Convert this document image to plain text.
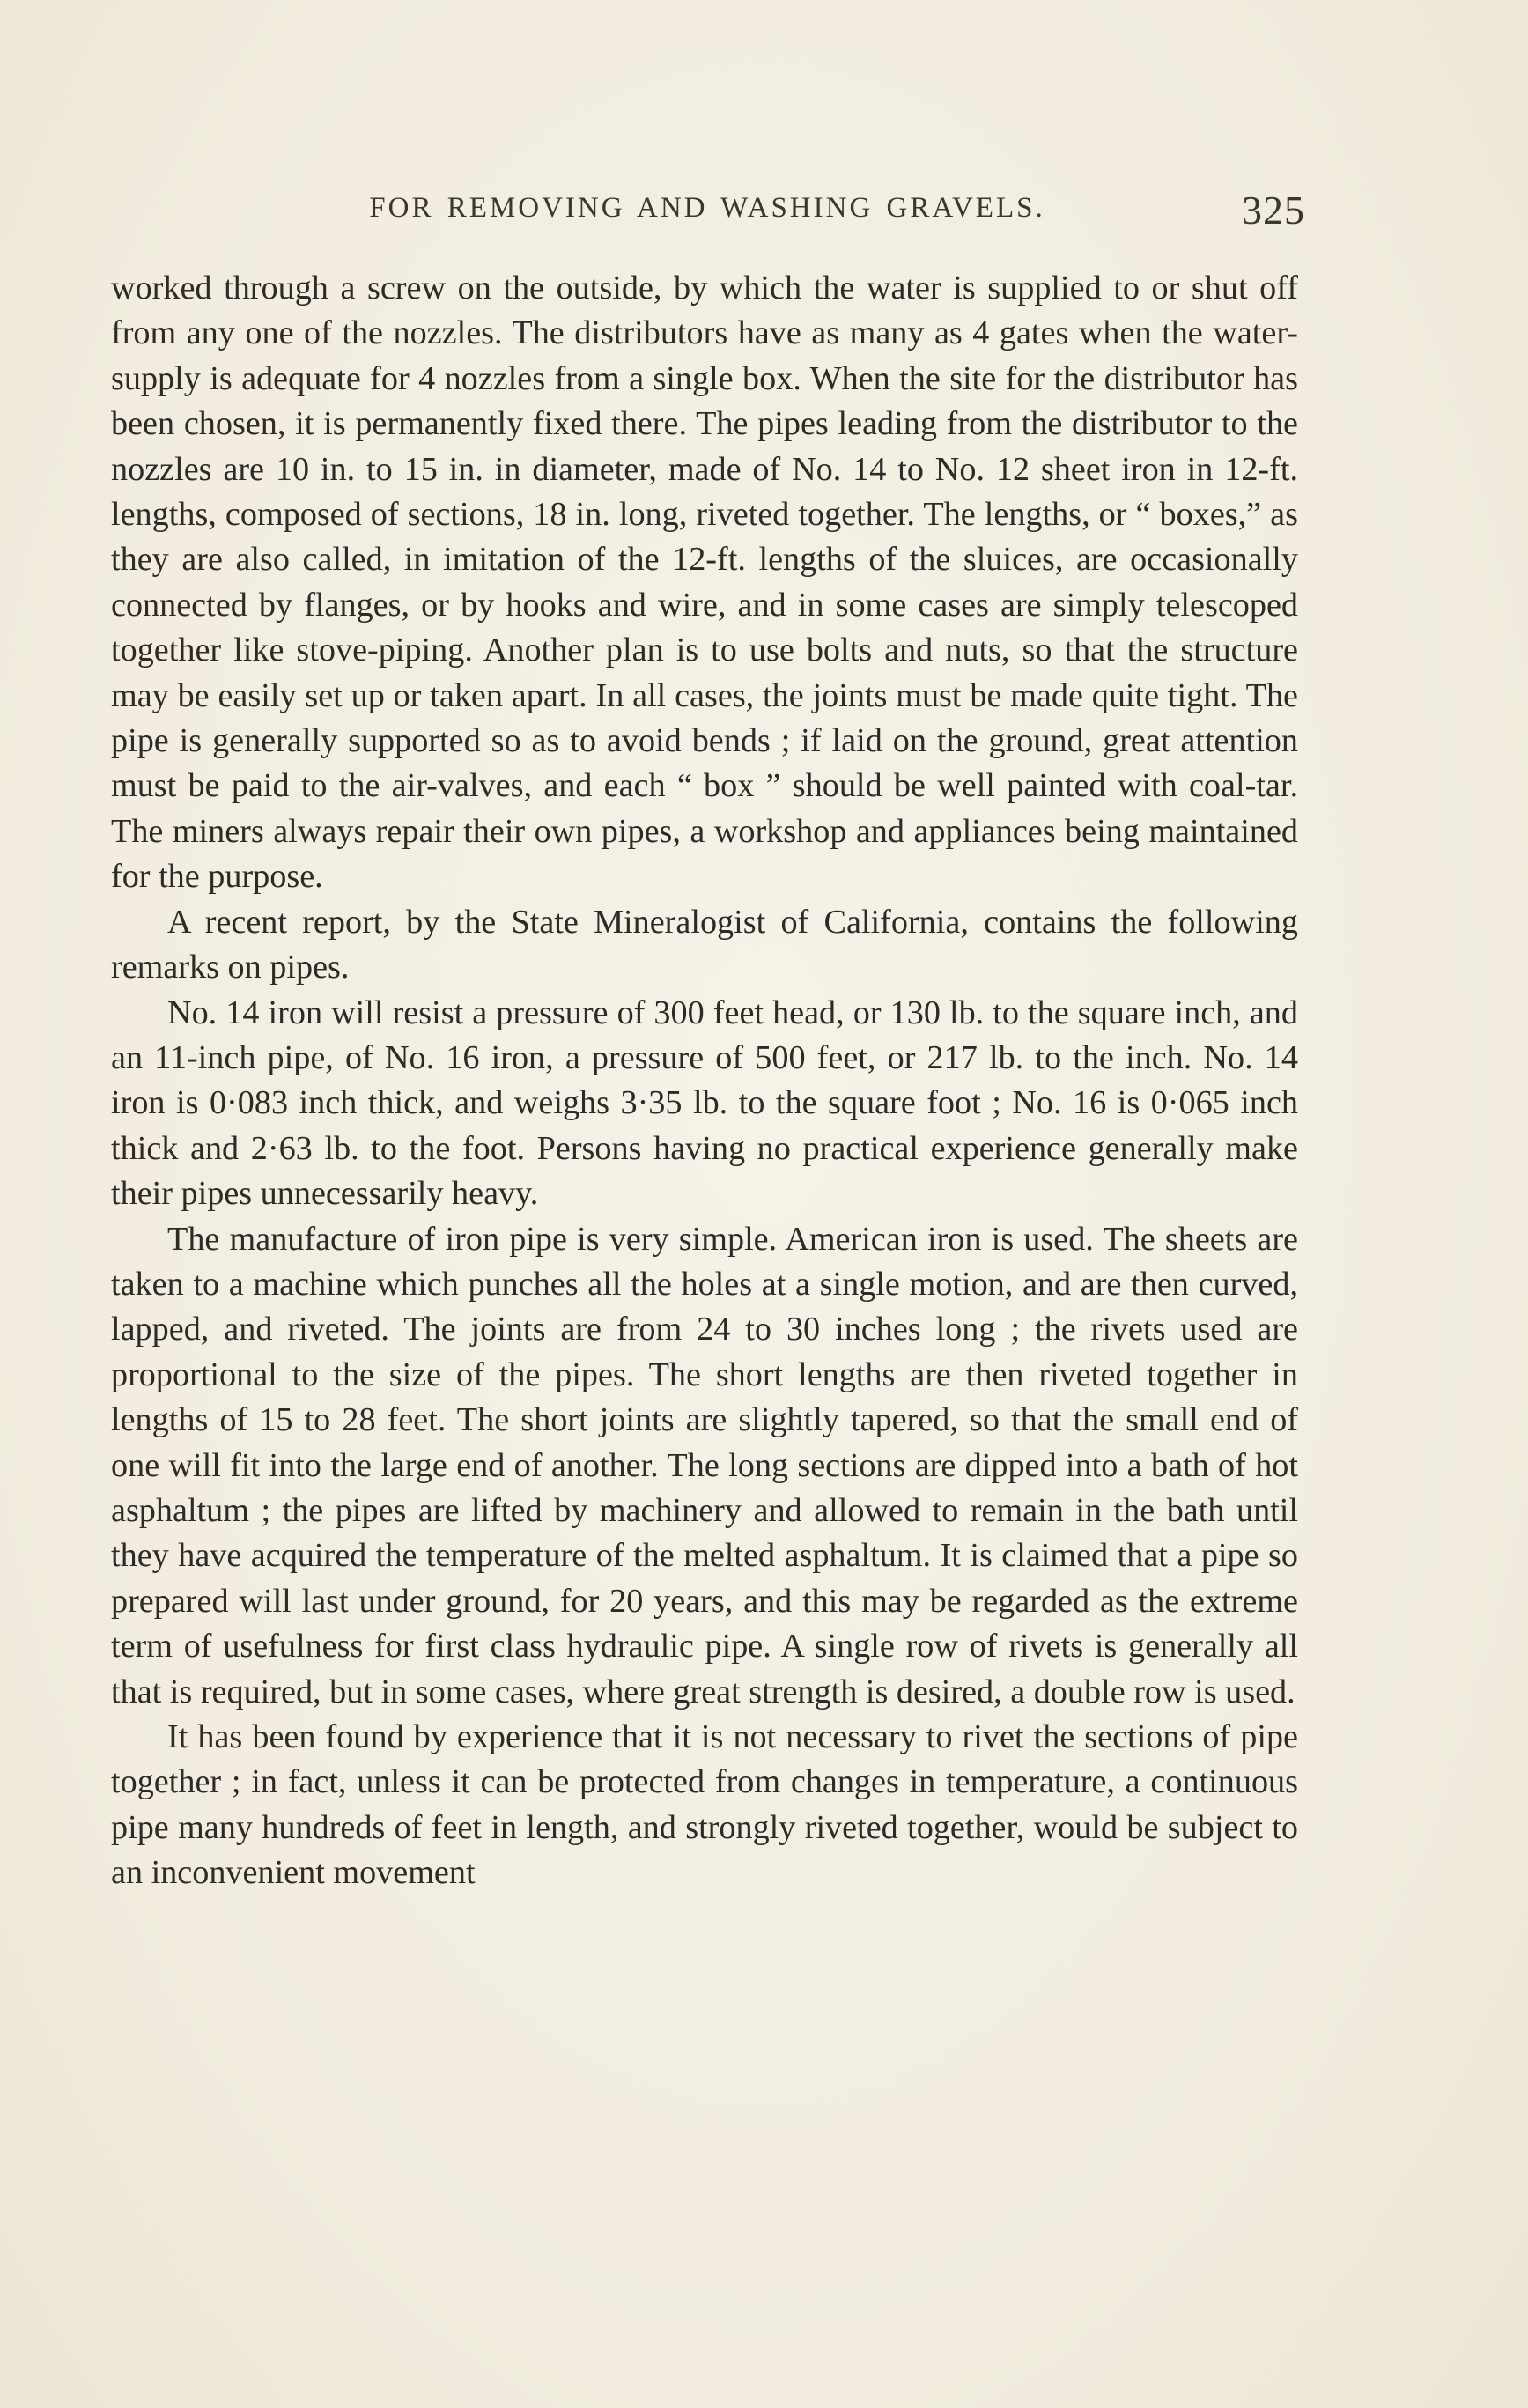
FOR REMOVING AND WASHING GRAVELS.	325

worked through a screw on the outside, by which the water is supplied to or shut off from any one of the nozzles. The distributors have as many as 4 gates when the water-supply is adequate for 4 nozzles from a single box. When the site for the distributor has been chosen, it is permanently fixed there. The pipes leading from the distributor to the nozzles are 10 in. to 15 in. in diameter, made of No. 14 to No. 12 sheet iron in 12-ft. lengths, composed of sections, 18 in. long, riveted together. The lengths, or “ boxes,” as they are also called, in imitation of the 12-ft. lengths of the sluices, are occasionally connected by flanges, or by hooks and wire, and in some cases are simply telescoped together like stove-piping. Another plan is to use bolts and nuts, so that the structure may be easily set up or taken apart. In all cases, the joints must be made quite tight. The pipe is generally supported so as to avoid bends ; if laid on the ground, great attention must be paid to the air-valves, and each “ box ” should be well painted with coal-tar. The miners always repair their own pipes, a workshop and appliances being maintained for the purpose.

A recent report, by the State Mineralogist of California, contains the following remarks on pipes.

No. 14 iron will resist a pressure of 300 feet head, or 130 lb. to the square inch, and an 11-inch pipe, of No. 16 iron, a pressure of 500 feet, or 217 lb. to the inch. No. 14 iron is 0·083 inch thick, and weighs 3·35 lb. to the square foot ; No. 16 is 0·065 inch thick and 2·63 lb. to the foot. Persons having no practical experience generally make their pipes unnecessarily heavy.

The manufacture of iron pipe is very simple. American iron is used. The sheets are taken to a machine which punches all the holes at a single motion, and are then curved, lapped, and riveted. The joints are from 24 to 30 inches long ; the rivets used are proportional to the size of the pipes. The short lengths are then riveted together in lengths of 15 to 28 feet. The short joints are slightly tapered, so that the small end of one will fit into the large end of another. The long sections are dipped into a bath of hot asphaltum ; the pipes are lifted by machinery and allowed to remain in the bath until they have acquired the temperature of the melted asphaltum. It is claimed that a pipe so prepared will last under ground, for 20 years, and this may be regarded as the extreme term of usefulness for first class hydraulic pipe. A single row of rivets is generally all that is required, but in some cases, where great strength is desired, a double row is used.

It has been found by experience that it is not necessary to rivet the sections of pipe together ; in fact, unless it can be protected from changes in temperature, a continuous pipe many hundreds of feet in length, and strongly riveted together, would be subject to an inconvenient movement
